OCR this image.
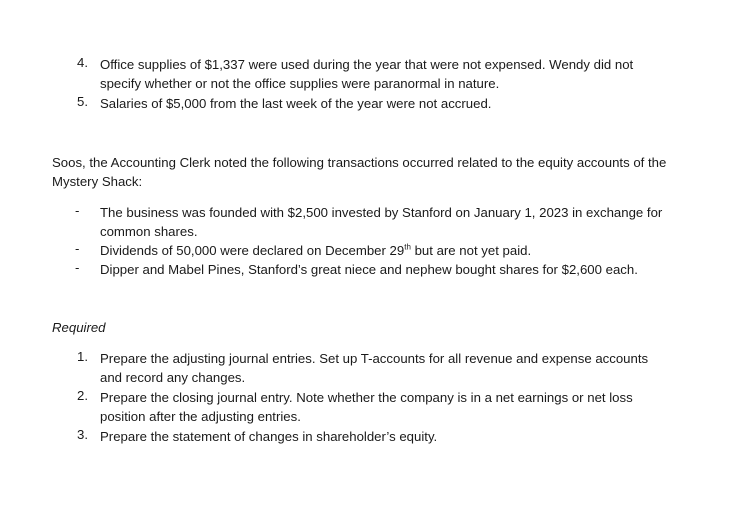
4. Office supplies of $1,337 were used during the year that were not expensed. Wendy did not specify whether or not the office supplies were paranormal in nature.
5. Salaries of $5,000 from the last week of the year were not accrued.
Soos, the Accounting Clerk noted the following transactions occurred related to the equity accounts of the Mystery Shack:
- The business was founded with $2,500 invested by Stanford on January 1, 2023 in exchange for common shares.
- Dividends of 50,000 were declared on December 29th but are not yet paid.
- Dipper and Mabel Pines, Stanford’s great niece and nephew bought shares for $2,600 each.
Required
1. Prepare the adjusting journal entries. Set up T-accounts for all revenue and expense accounts and record any changes.
2. Prepare the closing journal entry. Note whether the company is in a net earnings or net loss position after the adjusting entries.
3. Prepare the statement of changes in shareholder’s equity.
